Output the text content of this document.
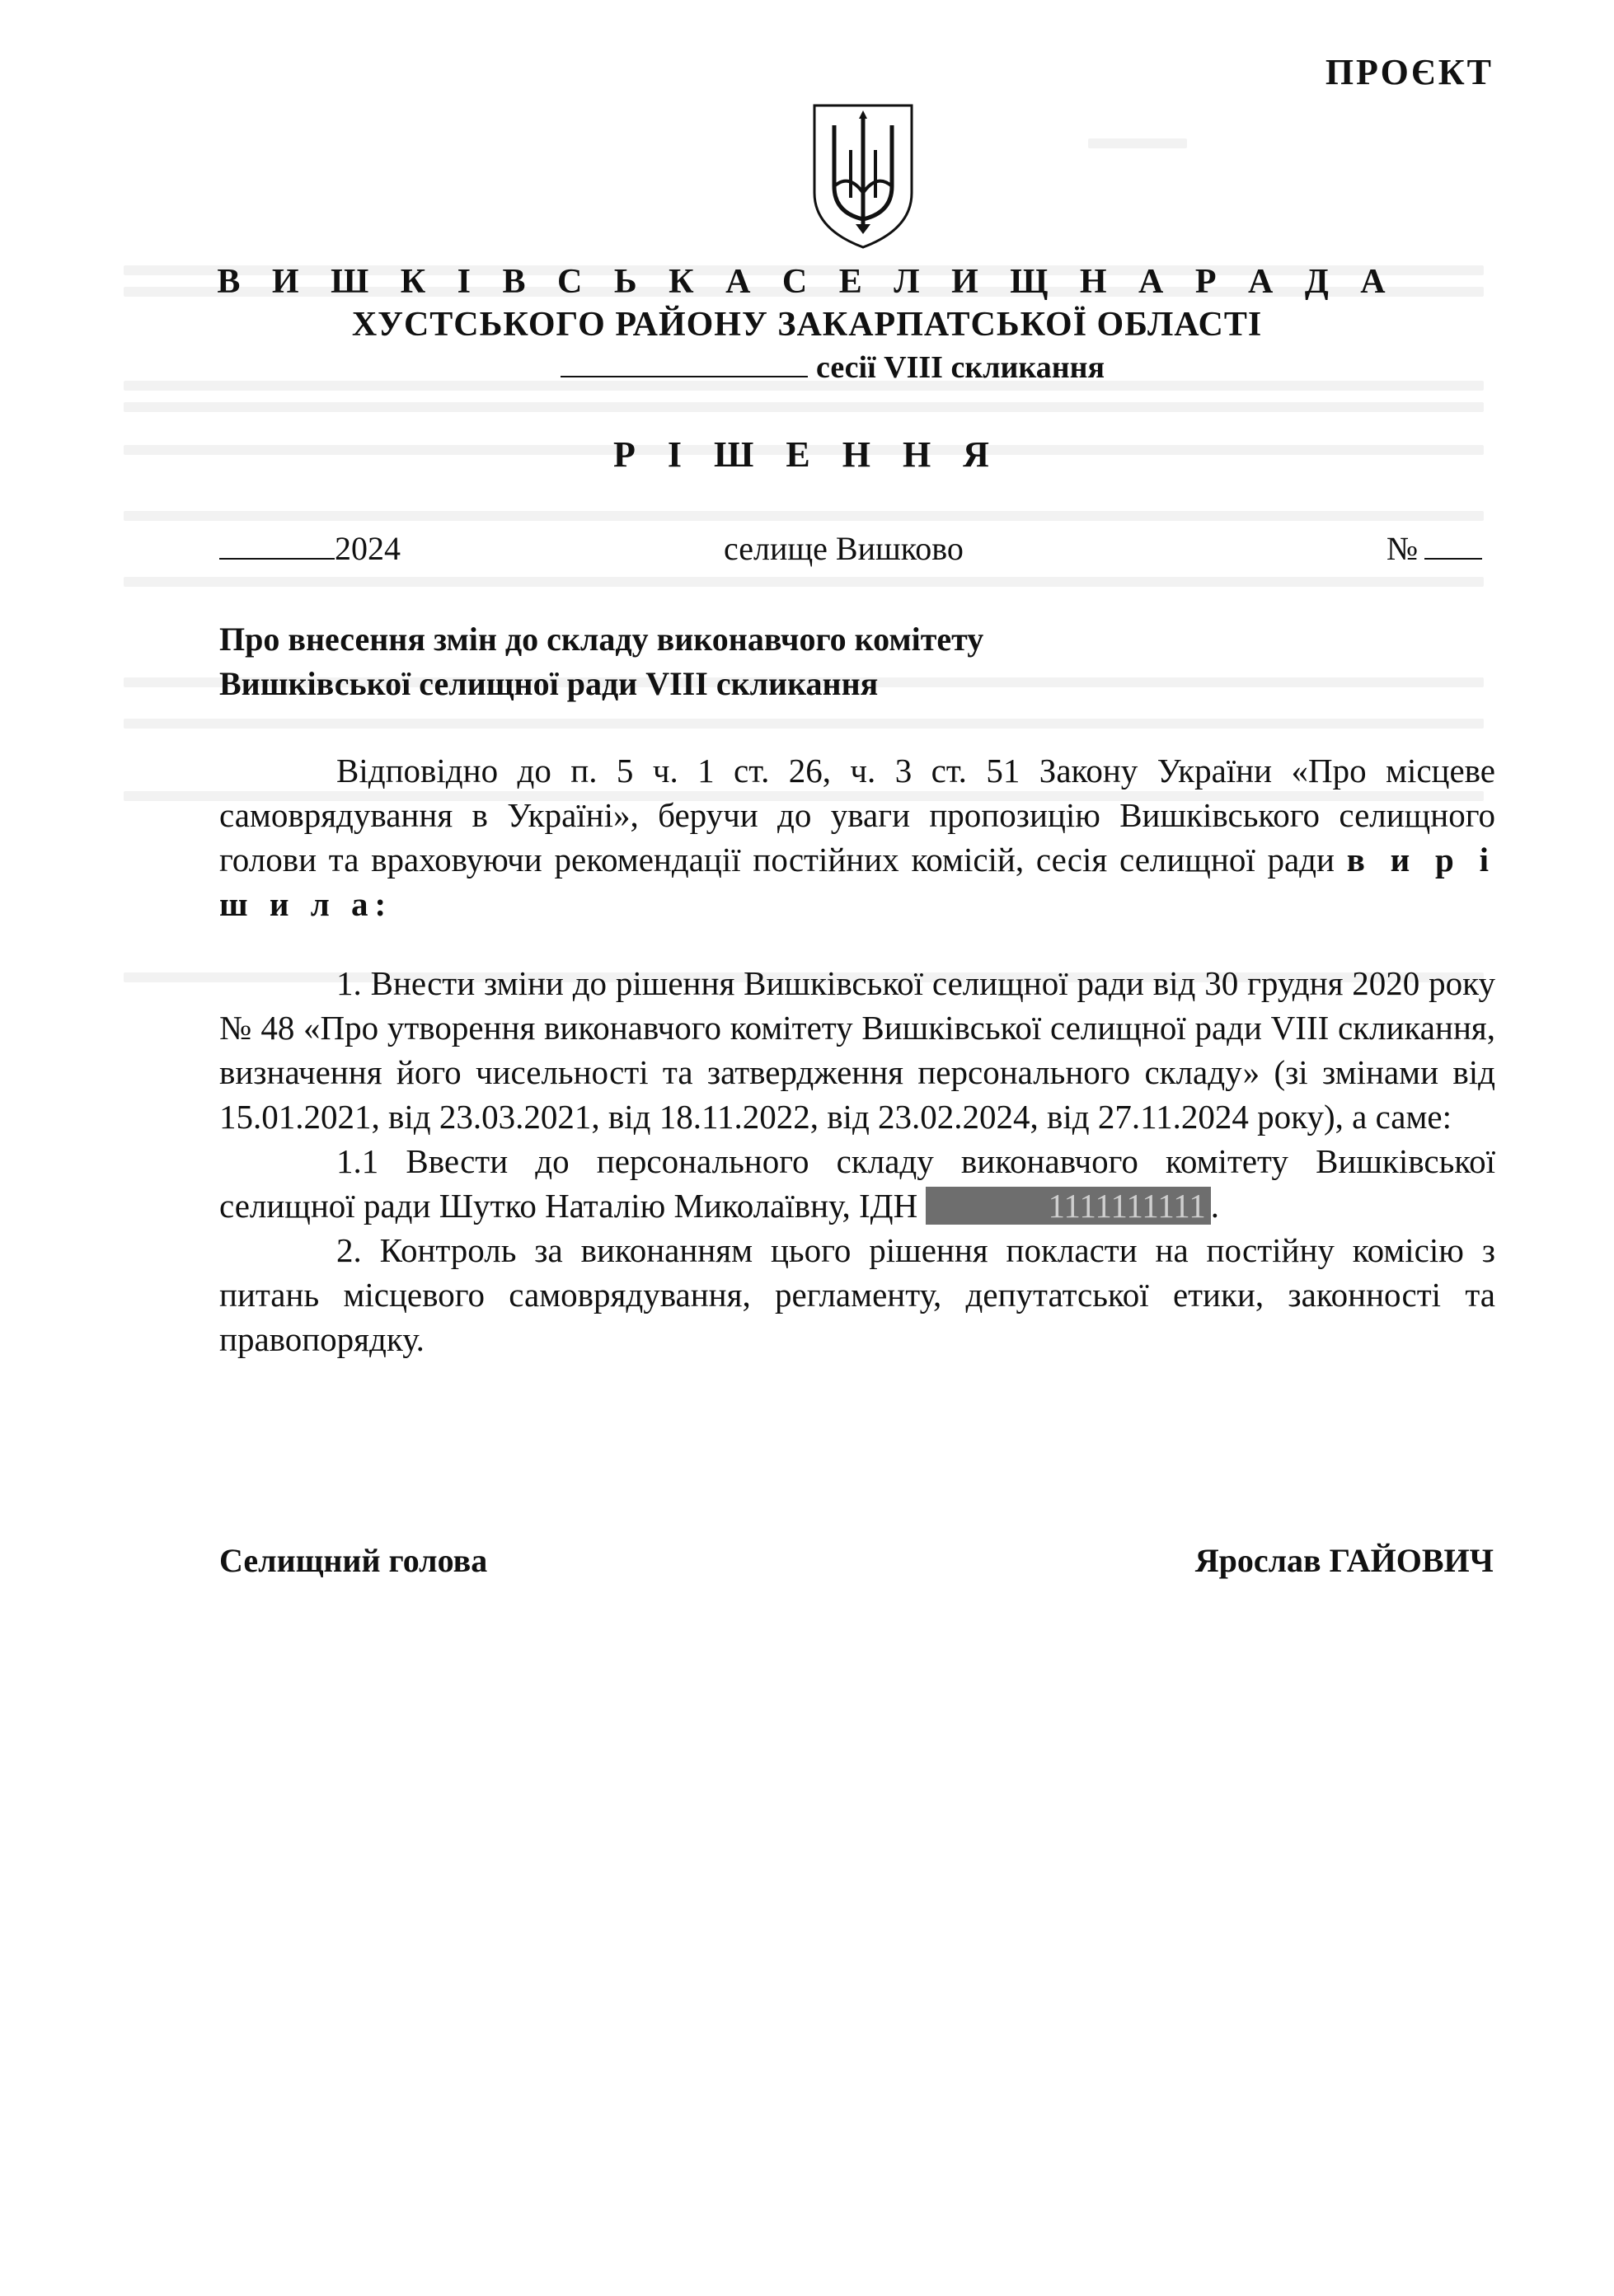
ПРОЄКТ
В И Ш К І В С Ь К А С Е Л И Щ Н А Р А Д А
ХУСТСЬКОГО РАЙОНУ ЗАКАРПАТСЬКОЇ ОБЛАСТІ
сесії VIII скликання
Р І Ш Е Н Н Я
2024	селище Вишково	№
Про внесення змін до складу виконавчого комітету
Вишківської селищної ради VIII скликання

Відповідно до п. 5 ч. 1 ст. 26, ч. 3 ст. 51 Закону України «Про місцеве самоврядування в Україні», беручи до уваги пропозицію Вишківського селищного голови та враховуючи рекомендації постійних комісій, сесія селищної ради в и р і ш и л а:

1. Внести зміни до рішення Вишківської селищної ради від 30 грудня 2020 року № 48 «Про утворення виконавчого комітету Вишківської селищної ради VIII скликання, визначення його чисельності та затвердження персонального складу» (зі змінами від 15.01.2021, від 23.03.2021, від 18.11.2022, від 23.02.2024, від 27.11.2024 року), а саме:

1.1 Ввести до персонального складу виконавчого комітету Вишківської селищної ради Шутко Наталію Миколаївну, ІДН	1111111111 .

2. Контроль за виконанням цього рішення покласти на постійну комісію з питань місцевого самоврядування, регламенту, депутатської етики, законності та правопорядку.

Селищний голова	Ярослав ГАЙОВИЧ
